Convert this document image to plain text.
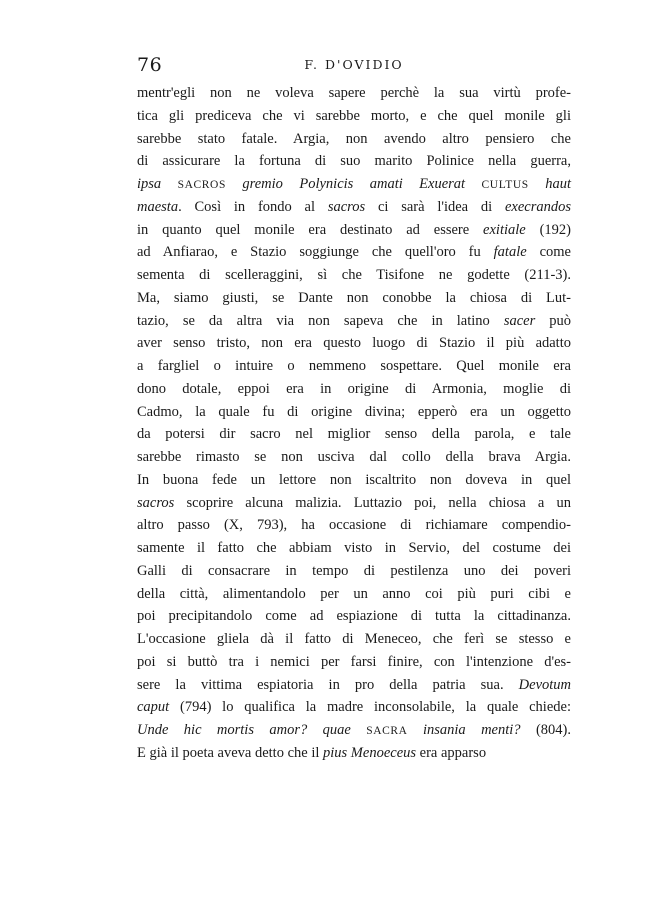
76	F. D'OVIDIO
mentr'egli non ne voleva sapere perchè la sua virtù profe-
tica gli prediceva che vi sarebbe morto, e che quel monile gli
sarebbe stato fatale. Argia, non avendo altro pensiero che
di assicurare la fortuna di suo marito Polinice nella guerra,
ipsa SACROS gremio Polynicis amati Exuerat CULTUS haut
maesta. Così in fondo al sacros ci sarà l'idea di execrandos
in quanto quel monile era destinato ad essere exitiale (192)
ad Anfiarao, e Stazio soggiunge che quell'oro fu fatale come
sementa di scelleraggini, sì che Tisifone ne godette (211-3).
Ma, siamo giusti, se Dante non conobbe la chiosa di Lut-
tazio, se da altra via non sapeva che in latino sacer può
aver senso tristo, non era questo luogo di Stazio il più adatto
a fargliel o intuire o nemmeno sospettare. Quel monile era
dono dotale, eppoi era in origine di Armonia, moglie di
Cadmo, la quale fu di origine divina; epperò era un oggetto
da potersi dir sacro nel miglior senso della parola, e tale
sarebbe rimasto se non usciva dal collo della brava Argia.
In buona fede un lettore non iscaltrito non doveva in quel
sacros scoprire alcuna malizia. Luttazio poi, nella chiosa a un
altro passo (X, 793), ha occasione di richiamare compendio-
samente il fatto che abbiam visto in Servio, del costume dei
Galli di consacrare in tempo di pestilenza uno dei poveri
della città, alimentandolo per un anno coi più puri cibi e
poi precipitandolo come ad espiazione di tutta la cittadinanza.
L'occasione gliela dà il fatto di Meneceo, che ferì se stesso e
poi si buttò tra i nemici per farsi finire, con l'intenzione d'es-
sere la vittima espiatoria in pro della patria sua. Devotum
caput (794) lo qualifica la madre inconsolabile, la quale chiede:
Unde hic mortis amor? quae SACRA insania menti? (804).
E già il poeta aveva detto che il pius Menoeceus era apparso
